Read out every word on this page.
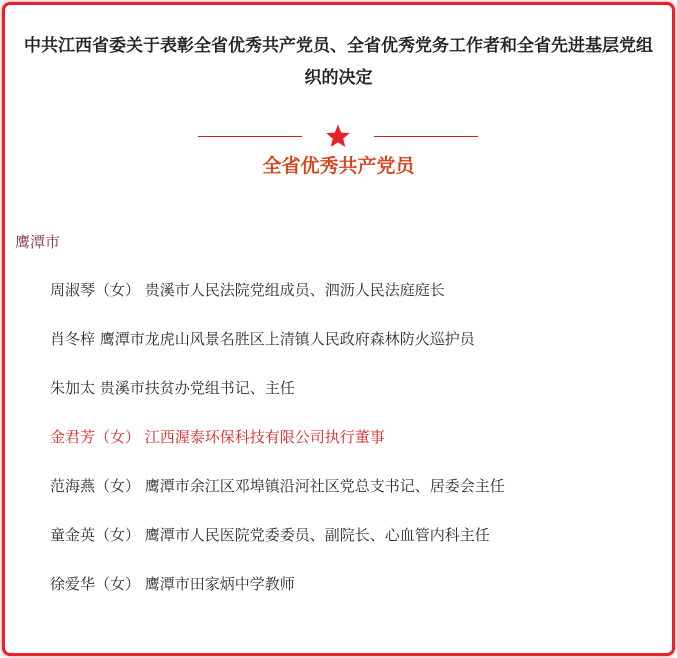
中共江西省委关于表彰全省优秀共产党员、全省优秀党务工作者和全省先进基层党组织的决定
全省优秀共产党员
鹰潭市
周淑琴（女） 贵溪市人民法院党组成员、泗沥人民法庭庭长
肖冬梓 鹰潭市龙虎山风景名胜区上清镇人民政府森林防火巡护员
朱加太 贵溪市扶贫办党组书记、主任
金君芳（女） 江西渥泰环保科技有限公司执行董事
范海燕（女） 鹰潭市余江区邓埠镇沿河社区党总支书记、居委会主任
童金英（女） 鹰潭市人民医院党委委员、副院长、心血管内科主任
徐爱华（女） 鹰潭市田家炳中学教师
